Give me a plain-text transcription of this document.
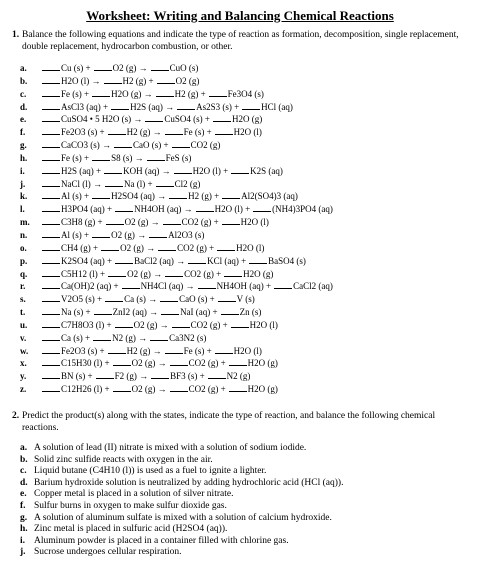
Worksheet: Writing and Balancing Chemical Reactions
1. Balance the following equations and indicate the type of reaction as formation, decomposition, single replacement, double replacement, hydrocarbon combustion, or other.
a.	Cu (s) + O2 (g) → CuO (s)
b.	H2O (l) → H2 (g) + O2 (g)
c.	Fe (s) + H2O (g) → H2 (g) + Fe3O4 (s)
d.	AsCl3 (aq) + H2S (aq) → As2S3 (s) + HCl (aq)
e.	CuSO4 • 5 H2O (s) → CuSO4 (s) + H2O (g)
f.	Fe2O3 (s) + H2 (g) → Fe (s) + H2O (l)
g.	CaCO3 (s) → CaO (s) + CO2 (g)
h.	Fe (s) + S8 (s) → FeS (s)
i.	H2S (aq) + KOH (aq) → H2O (l) + K2S (aq)
j.	NaCl (l) → Na (l) + Cl2 (g)
k.	Al (s) + H2SO4 (aq) → H2 (g) + Al2(SO4)3 (aq)
l.	H3PO4 (aq) + NH4OH (aq) → H2O (l) + (NH4)3PO4 (aq)
m.	C3H8 (g) + O2 (g) → CO2 (g) + H2O (l)
n.	Al (s) + O2 (g) → Al2O3 (s)
o.	CH4 (g) + O2 (g) → CO2 (g) + H2O (l)
p.	K2SO4 (aq) + BaCl2 (aq) → KCl (aq) + BaSO4 (s)
q.	C5H12 (l) + O2 (g) → CO2 (g) + H2O (g)
r.	Ca(OH)2 (aq) + NH4Cl (aq) → NH4OH (aq) + CaCl2 (aq)
s.	V2O5 (s) + Ca (s) → CaO (s) + V (s)
t.	Na (s) + ZnI2 (aq) → NaI (aq) + Zn (s)
u.	C7H8O3 (l) + O2 (g) → CO2 (g) + H2O (l)
v.	Ca (s) + N2 (g) → Ca3N2 (s)
w.	Fe2O3 (s) + H2 (g) → Fe (s) + H2O (l)
x.	C15H30 (l) + O2 (g) → CO2 (g) + H2O (g)
y.	BN (s) + F2 (g) → BF3 (s) + N2 (g)
z.	C12H26 (l) + O2 (g) → CO2 (g) + H2O (g)
2. Predict the product(s) along with the states, indicate the type of reaction, and balance the following chemical reactions.
a. A solution of lead (II) nitrate is mixed with a solution of sodium iodide.
b. Solid zinc sulfide reacts with oxygen in the air.
c. Liquid butane (C4H10 (l)) is used as a fuel to ignite a lighter.
d. Barium hydroxide solution is neutralized by adding hydrochloric acid (HCl (aq)).
e. Copper metal is placed in a solution of silver nitrate.
f. Sulfur burns in oxygen to make sulfur dioxide gas.
g. A solution of aluminum sulfate is mixed with a solution of calcium hydroxide.
h. Zinc metal is placed in sulfuric acid (H2SO4 (aq)).
i. Aluminum powder is placed in a container filled with chlorine gas.
j. Sucrose undergoes cellular respiration.
